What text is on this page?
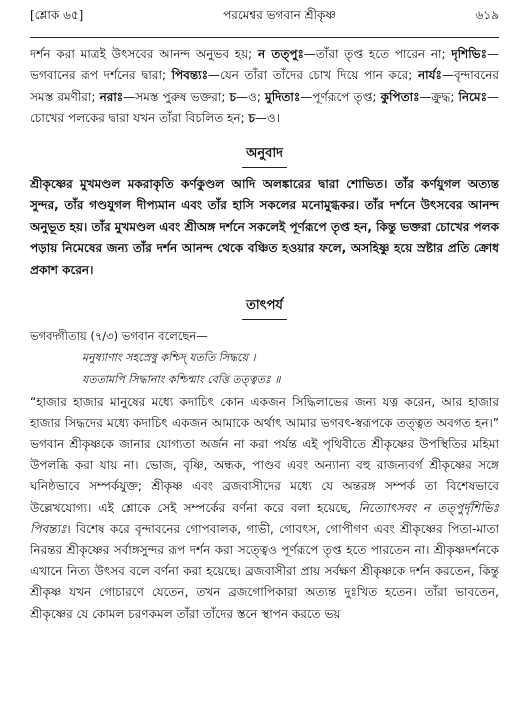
[শ্লোক ৬৫]	পরমেশ্বর ভগবান শ্রীকৃষ্ণ	৬১৯

দর্শন করা মাত্রই উৎসবের আনন্দ অনুভব হয়; ন তত্পুঃ—তাঁরা তৃপ্ত হতে পারেন না; দৃশিভিঃ—ভগবানের রূপ দর্শনের দ্বারা; পিবন্ত্যঃ—যেন তাঁরা তাঁদের চোখ দিয়ে পান করে; নার্যঃ—বৃন্দাবনের সমস্ত রমণীরা; নরাঃ—সমস্ত পুরুষ ভক্তরা; চ—ও; মুদিতাঃ—পূর্ণরূপে তৃপ্ত; কুপিতাঃ—ক্রুদ্ধ; নিমেঃ—চোখের পলকের দ্বারা যখন তাঁরা বিচলিত হন; চ—ও।

অনুবাদ

শ্রীকৃষ্ণের মুখমণ্ডল মকরাকৃতি কর্ণকুণ্ডল আদি অলঙ্কারের দ্বারা শোভিত। তাঁর কর্ণযুগল অত্যন্ত সুন্দর, তাঁর গণ্ডযুগল দীপ্যমান এবং তাঁর হাসি সকলের মনোমুগ্ধকর। তাঁর দর্শনে উৎসবের আনন্দ অনুভূত হয়। তাঁর মুখমণ্ডল এবং শ্রীঅঙ্গ দর্শনে সকলেই পূর্ণরূপে তৃপ্ত হন, কিন্তু ভক্তরা চোখের পলক পড়ায় নিমেষের জন্য তাঁর দর্শন আনন্দ থেকে বঞ্চিত হওয়ার ফলে, অসহিষ্ণু হয়ে স্রষ্টার প্রতি ক্রোধ প্রকাশ করেন।

তাৎপর্য

ভগবদ্গীতায় (৭/৩) ভগবান বলেছেন—

মনুষ্যাণাং সহস্রেষু কশ্চিদ্ যততি সিদ্ধয়ে ।

যততামপি সিদ্ধানাং কশ্চিন্মাং বেত্তি তত্ত্বতঃ ॥

“হাজার হাজার মানুষের মধ্যে কদাচিৎ কোন একজন সিদ্ধিলাভের জন্য যত্ন করেন, আর হাজার হাজার সিদ্ধদের মধ্যে কদাচিৎ একজন আমাকে অর্থাৎ আমার ভগবৎ-স্বরূপকে তত্ত্বত অবগত হন।” ভগবান শ্রীকৃষ্ণকে জানার যোগ্যতা অর্জন না করা পর্যন্ত এই পৃথিবীতে শ্রীকৃষ্ণের উপস্থিতির মহিমা উপলব্ধি করা যায় না। ভোজ, বৃষ্ণি, অন্ধক, পাণ্ডব এবং অন্যান্য বহু রাজন্যবর্গ শ্রীকৃষ্ণের সঙ্গে ঘনিষ্ঠভাবে সম্পর্কযুক্ত; শ্রীকৃষ্ণ এবং ব্রজবাসীদের মধ্যে যে অন্তরঙ্গ সম্পর্ক তা বিশেষভাবে উল্লেখযোগ্য। এই শ্লোকে সেই সম্পর্কের বর্ণনা করে বলা হয়েছে, নিত্যোৎসবং ন তত্পুর্দৃশিভিঃ পিবন্ত্যঃ। বিশেষ করে বৃন্দাবনের গোপবালক, গাভী, গোবৎস, গোপীগণ এবং শ্রীকৃষ্ণের পিতা-মাতা নিরন্তর শ্রীকৃষ্ণের সর্বাঙ্গসুন্দর রূপ দর্শন করা সত্ত্বেও পূর্ণরূপে তৃপ্ত হতে পারতেন না। শ্রীকৃষ্ণদর্শনকে এখানে নিত্য উৎসব বলে বর্ণনা করা হয়েছে। ব্রজবাসীরা প্রায় সর্বক্ষণ শ্রীকৃষ্ণকে দর্শন করতেন, কিন্তু শ্রীকৃষ্ণ যখন গোচারণে যেতেন, তখন ব্রজগোপিকারা অত্যন্ত দুঃখিত হতেন। তাঁরা ভাবতেন, শ্রীকৃষ্ণের যে কোমল চরণকমল তাঁরা তাঁদের স্তনে স্থাপন করতে ভয়
